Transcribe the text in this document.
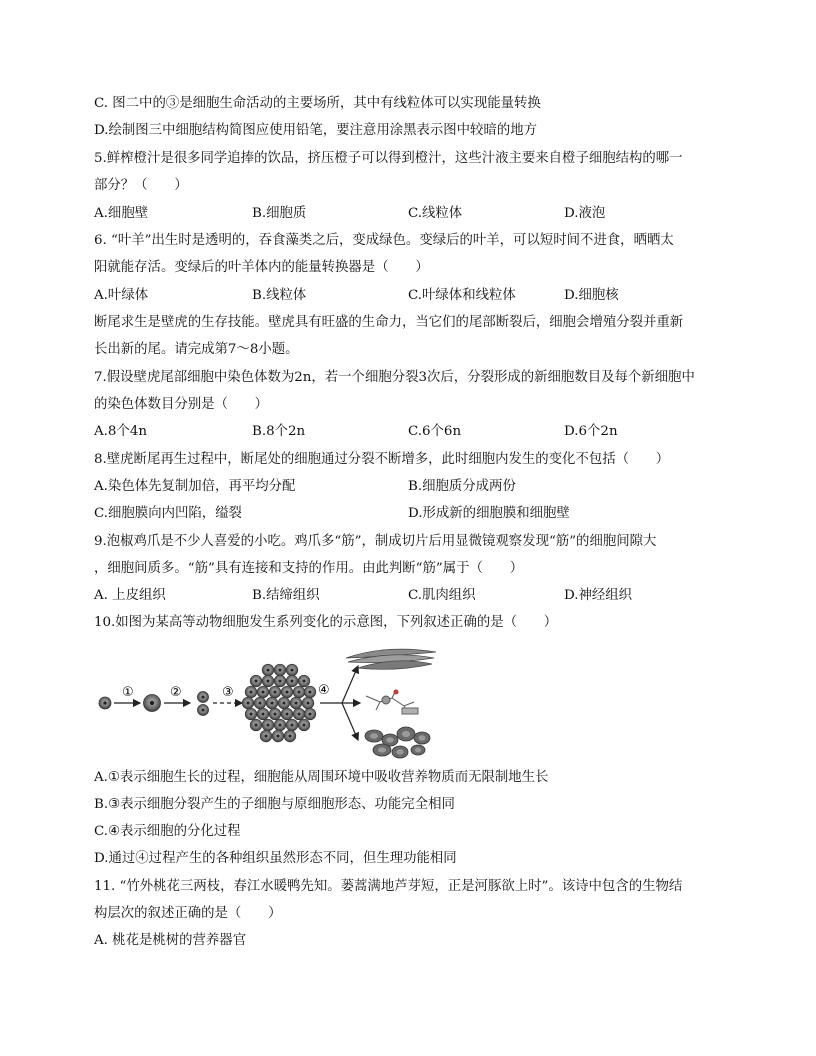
C. 图二中的③是细胞生命活动的主要场所，其中有线粒体可以实现能量转换
D.绘制图三中细胞结构简图应使用铅笔，要注意用涂黑表示图中较暗的地方
5.鲜榨橙汁是很多同学追捧的饮品，挤压橙子可以得到橙汁，这些汁液主要来自橙子细胞结构的哪一
部分？（　　）
A.细胞壁	B.细胞质	C.线粒体	D.液泡
6. “叶羊”出生时是透明的，吞食藻类之后，变成绿色。变绿后的叶羊，可以短时间不进食，晒晒太
阳就能存活。变绿后的叶羊体内的能量转换器是（　　）
A.叶绿体	B.线粒体	C.叶绿体和线粒体	D.细胞核
断尾求生是壁虎的生存技能。壁虎具有旺盛的生命力，当它们的尾部断裂后，细胞会增殖分裂并重新
长出新的尾。请完成第7～8小题。
7.假设壁虎尾部细胞中染色体数为2n，若一个细胞分裂3次后，分裂形成的新细胞数目及每个新细胞中
的染色体数目分别是（　　）
A.8个4n	B.8个2n	C.6个6n	D.6个2n
8.壁虎断尾再生过程中，断尾处的细胞通过分裂不断增多，此时细胞内发生的变化不包括（　　）
A.染色体先复制加倍，再平均分配	B.细胞质分成两份
C.细胞膜向内凹陷，缢裂	D.形成新的细胞膜和细胞壁
9.泡椒鸡爪是不少人喜爱的小吃。鸡爪多“筋”，制成切片后用显微镜观察发现“筋”的细胞间隙大
，细胞间质多。“筋”具有连接和支持的作用。由此判断“筋”属于（　　）
A. 上皮组织	B.结缔组织	C.肌肉组织	D.神经组织
10.如图为某高等动物细胞发生系列变化的示意图，下列叙述正确的是（　　）
①	②	③	④
A.①表示细胞生长的过程，细胞能从周围环境中吸收营养物质而无限制地生长
B.③表示细胞分裂产生的子细胞与原细胞形态、功能完全相同
C.④表示细胞的分化过程
D.通过④过程产生的各种组织虽然形态不同，但生理功能相同
11. “竹外桃花三两枝，春江水暖鸭先知。蒌蒿满地芦芽短，正是河豚欲上时”。该诗中包含的生物结
构层次的叙述正确的是（　　）
A. 桃花是桃树的营养器官
